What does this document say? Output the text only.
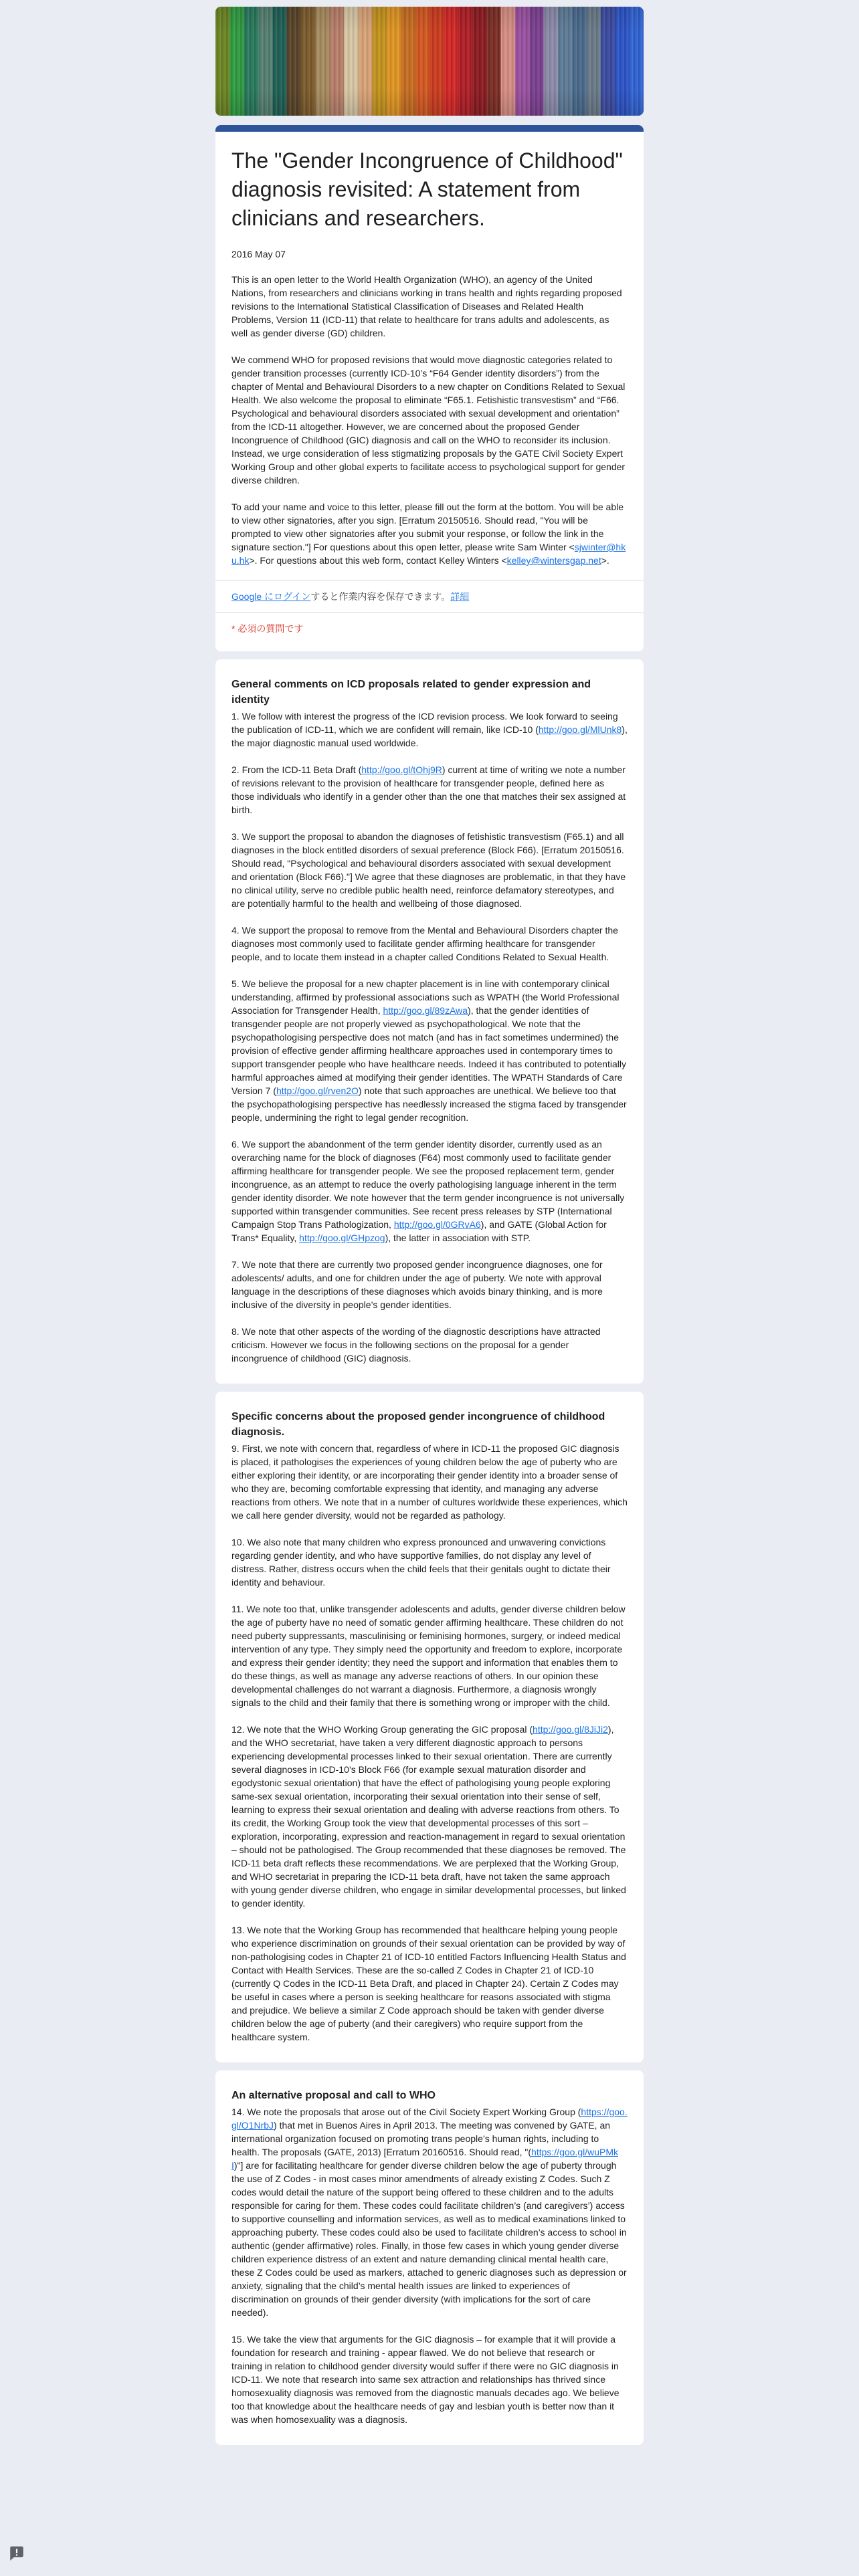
The "Gender Incongruence of Childhood" diagnosis revisited: A statement from clinicians and researchers.
2016 May 07

This is an open letter to the World Health Organization (WHO), an agency of the United Nations, from researchers and clinicians working in trans health and rights regarding proposed revisions to the International Statistical Classification of Diseases and Related Health Problems, Version 11 (ICD-11) that relate to healthcare for trans adults and adolescents, as well as gender diverse (GD) children.

We commend WHO for proposed revisions that would move diagnostic categories related to gender transition processes (currently ICD-10’s “F64 Gender identity disorders”) from the chapter of Mental and Behavioural Disorders to a new chapter on Conditions Related to Sexual Health. We also welcome the proposal to eliminate “F65.1. Fetishistic transvestism” and “F66. Psychological and behavioural disorders associated with sexual development and orientation” from the ICD-11 altogether. However, we are concerned about the proposed Gender Incongruence of Childhood (GIC) diagnosis and call on the WHO to reconsider its inclusion. Instead, we urge consideration of less stigmatizing proposals by the GATE Civil Society Expert Working Group and other global experts to facilitate access to psychological support for gender diverse children.

To add your name and voice to this letter, please fill out the form at the bottom. You will be able to view other signatories, after you sign. [Erratum 20150516. Should read, "You will be prompted to view other signatories after you submit your response, or follow the link in the signature section."] For questions about this open letter, please write Sam Winter <sjwinter@hku.hk>. For questions about this web form, contact Kelley Winters <kelley@wintersgap.net>.

Google にログインすると作業内容を保存できます。詳細
* 必須の質問です
General comments on ICD proposals related to gender expression and identity

1. We follow with interest the progress of the ICD revision process. We look forward to seeing the publication of ICD-11, which we are confident will remain, like ICD-10 (http://goo.gl/MlUnk8), the major diagnostic manual used worldwide.

2. From the ICD-11 Beta Draft (http://goo.gl/tOhj9R) current at time of writing we note a number of revisions relevant to the provision of healthcare for transgender people, defined here as those individuals who identify in a gender other than the one that matches their sex assigned at birth.

3. We support the proposal to abandon the diagnoses of fetishistic transvestism (F65.1) and all diagnoses in the block entitled disorders of sexual preference (Block F66). [Erratum 20150516. Should read, "Psychological and behavioural disorders associated with sexual development and orientation (Block F66)."] We agree that these diagnoses are problematic, in that they have no clinical utility, serve no credible public health need, reinforce defamatory stereotypes, and are potentially harmful to the health and wellbeing of those diagnosed.

4. We support the proposal to remove from the Mental and Behavioural Disorders chapter the diagnoses most commonly used to facilitate gender affirming healthcare for transgender people, and to locate them instead in a chapter called Conditions Related to Sexual Health.

5. We believe the proposal for a new chapter placement is in line with contemporary clinical understanding, affirmed by professional associations such as WPATH (the World Professional Association for Transgender Health, http://goo.gl/89zAwa), that the gender identities of transgender people are not properly viewed as psychopathological. We note that the psychopathologising perspective does not match (and has in fact sometimes undermined) the provision of effective gender affirming healthcare approaches used in contemporary times to support transgender people who have healthcare needs. Indeed it has contributed to potentially harmful approaches aimed at modifying their gender identities. The WPATH Standards of Care Version 7 (http://goo.gl/rven2O) note that such approaches are unethical. We believe too that the psychopathologising perspective has needlessly increased the stigma faced by transgender people, undermining the right to legal gender recognition.

6. We support the abandonment of the term gender identity disorder, currently used as an overarching name for the block of diagnoses (F64) most commonly used to facilitate gender affirming healthcare for transgender people. We see the proposed replacement term, gender incongruence, as an attempt to reduce the overly pathologising language inherent in the term gender identity disorder. We note however that the term gender incongruence is not universally supported within transgender communities. See recent press releases by STP (International Campaign Stop Trans Pathologization, http://goo.gl/0GRvA6), and GATE (Global Action for Trans* Equality, http://goo.gl/GHpzog), the latter in association with STP.

7. We note that there are currently two proposed gender incongruence diagnoses, one for adolescents/ adults, and one for children under the age of puberty. We note with approval language in the descriptions of these diagnoses which avoids binary thinking, and is more inclusive of the diversity in people’s gender identities.

8. We note that other aspects of the wording of the diagnostic descriptions have attracted criticism. However we focus in the following sections on the proposal for a gender incongruence of childhood (GIC) diagnosis.

Specific concerns about the proposed gender incongruence of childhood diagnosis.

9. First, we note with concern that, regardless of where in ICD-11 the proposed GIC diagnosis is placed, it pathologises the experiences of young children below the age of puberty who are either exploring their identity, or are incorporating their gender identity into a broader sense of who they are, becoming comfortable expressing that identity, and managing any adverse reactions from others. We note that in a number of cultures worldwide these experiences, which we call here gender diversity, would not be regarded as pathology.

10. We also note that many children who express pronounced and unwavering convictions regarding gender identity, and who have supportive families, do not display any level of distress. Rather, distress occurs when the child feels that their genitals ought to dictate their identity and behaviour.

11. We note too that, unlike transgender adolescents and adults, gender diverse children below the age of puberty have no need of somatic gender affirming healthcare. These children do not need puberty suppressants, masculinising or feminising hormones, surgery, or indeed medical intervention of any type. They simply need the opportunity and freedom to explore, incorporate and express their gender identity; they need the support and information that enables them to do these things, as well as manage any adverse reactions of others. In our opinion these developmental challenges do not warrant a diagnosis. Furthermore, a diagnosis wrongly signals to the child and their family that there is something wrong or improper with the child.

12. We note that the WHO Working Group generating the GIC proposal (http://goo.gl/8JiJi2), and the WHO secretariat, have taken a very different diagnostic approach to persons experiencing developmental processes linked to their sexual orientation. There are currently several diagnoses in ICD-10’s Block F66 (for example sexual maturation disorder and egodystonic sexual orientation) that have the effect of pathologising young people exploring same-sex sexual orientation, incorporating their sexual orientation into their sense of self, learning to express their sexual orientation and dealing with adverse reactions from others. To its credit, the Working Group took the view that developmental processes of this sort – exploration, incorporating, expression and reaction-management in regard to sexual orientation – should not be pathologised. The Group recommended that these diagnoses be removed. The ICD-11 beta draft reflects these recommendations. We are perplexed that the Working Group, and WHO secretariat in preparing the ICD-11 beta draft, have not taken the same approach with young gender diverse children, who engage in similar developmental processes, but linked to gender identity.

13. We note that the Working Group has recommended that healthcare helping young people who experience discrimination on grounds of their sexual orientation can be provided by way of non-pathologising codes in Chapter 21 of ICD-10 entitled Factors Influencing Health Status and Contact with Health Services. These are the so-called Z Codes in Chapter 21 of ICD-10 (currently Q Codes in the ICD-11 Beta Draft, and placed in Chapter 24). Certain Z Codes may be useful in cases where a person is seeking healthcare for reasons associated with stigma and prejudice. We believe a similar Z Code approach should be taken with gender diverse children below the age of puberty (and their caregivers) who require support from the healthcare system.

An alternative proposal and call to WHO

14. We note the proposals that arose out of the Civil Society Expert Working Group (https://goo.gl/O1NrbJ) that met in Buenos Aires in April 2013. The meeting was convened by GATE, an international organization focused on promoting trans people’s human rights, including to health. The proposals (GATE, 2013) [Erratum 20160516. Should read, "(https://goo.gl/wuPMkI)"] are for facilitating healthcare for gender diverse children below the age of puberty through the use of Z Codes - in most cases minor amendments of already existing Z Codes. Such Z codes would detail the nature of the support being offered to these children and to the adults responsible for caring for them. These codes could facilitate children’s (and caregivers’) access to supportive counselling and information services, as well as to medical examinations linked to approaching puberty. These codes could also be used to facilitate children’s access to school in authentic (gender affirmative) roles. Finally, in those few cases in which young gender diverse children experience distress of an extent and nature demanding clinical mental health care, these Z Codes could be used as markers, attached to generic diagnoses such as depression or anxiety, signaling that the child’s mental health issues are linked to experiences of discrimination on grounds of their gender diversity (with implications for the sort of care needed).

15. We take the view that arguments for the GIC diagnosis – for example that it will provide a foundation for research and training - appear flawed. We do not believe that research or training in relation to childhood gender diversity would suffer if there were no GIC diagnosis in ICD-11. We note that research into same sex attraction and relationships has thrived since homosexuality diagnosis was removed from the diagnostic manuals decades ago. We believe too that knowledge about the healthcare needs of gay and lesbian youth is better now than it was when homosexuality was a diagnosis.
